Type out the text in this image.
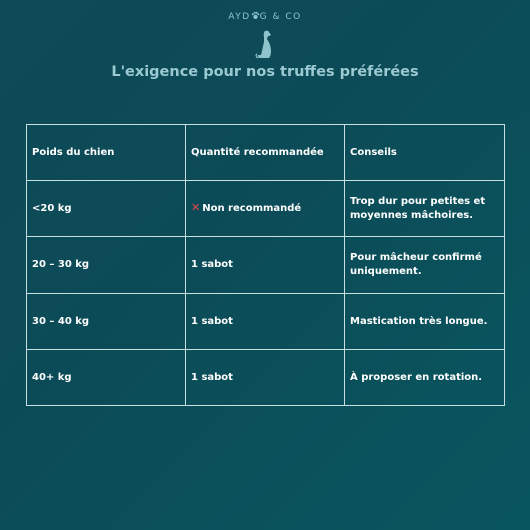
AYD G & CO
L'exigence pour nos truffes préférées
Poids du chien	Quantité recommandée	Conseils
<20 kg	✕ Non recommandé	Trop dur pour petites et moyennes mâchoires.
20 – 30 kg	1 sabot	Pour mâcheur confirmé uniquement.
30 – 40 kg	1 sabot	Mastication très longue.
40+ kg	1 sabot	À proposer en rotation.
